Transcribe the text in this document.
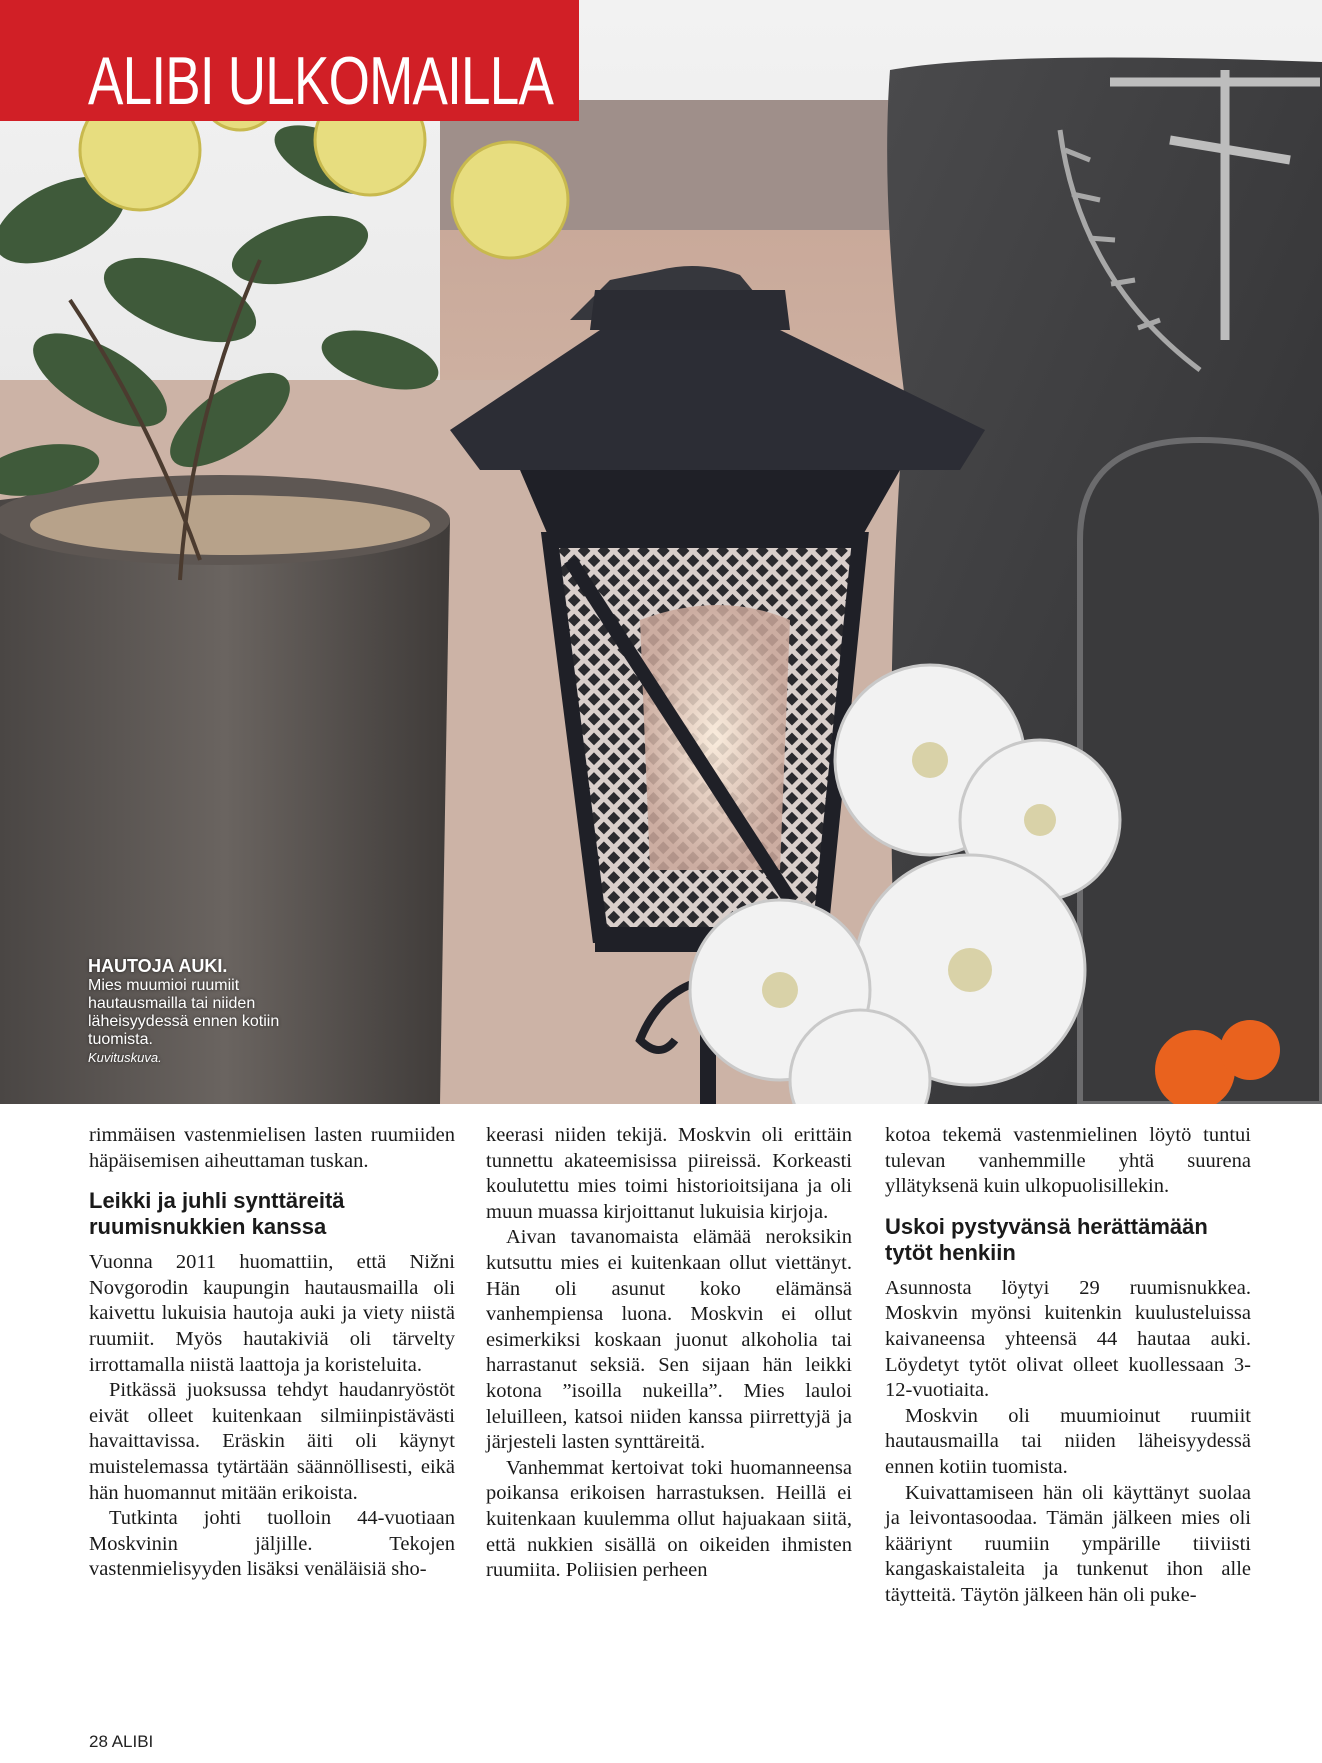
ALIBI ULKOMAILLA
HAUTOJA AUKI.
Mies muumioi ruumiit hautausmailla tai niiden läheisyydessä ennen kotiin tuomista.
Kuvituskuva.

rimmäisen vastenmielisen lasten ruumiiden häpäisemisen aiheuttaman tuskan.

Leikki ja juhli synttäreitä ruumisnukkien kanssa

Vuonna 2011 huomattiin, että Nižni Novgorodin kaupungin hautausmailla oli kaivettu lukuisia hautoja auki ja viety niistä ruumiit. Myös hautakiviä oli tärvelty irrottamalla niistä laattoja ja koristeluita.

Pitkässä juoksussa tehdyt haudanryöstöt eivät olleet kuitenkaan silmiinpistävästi havaittavissa. Eräskin äiti oli käynyt muistelemassa tytärtään säännöllisesti, eikä hän huomannut mitään erikoista.

Tutkinta johti tuolloin 44-vuotiaan Moskvinin jäljille. Tekojen vastenmielisyyden lisäksi venäläisiä sho-

keerasi niiden tekijä. Moskvin oli erittäin tunnettu akateemisissa piireissä. Korkeasti koulutettu mies toimi historioitsijana ja oli muun muassa kirjoittanut lukuisia kirjoja.

Aivan tavanomaista elämää neroksikin kutsuttu mies ei kuitenkaan ollut viettänyt. Hän oli asunut koko elämänsä vanhempiensa luona. Moskvin ei ollut esimerkiksi koskaan juonut alkoholia tai harrastanut seksiä. Sen sijaan hän leikki kotona ”isoilla nukeilla”. Mies lauloi leluilleen, katsoi niiden kanssa piirrettyjä ja järjesteli lasten synttäreitä.

Vanhemmat kertoivat toki huomanneensa poikansa erikoisen harrastuksen. Heillä ei kuitenkaan kuulemma ollut hajuakaan siitä, että nukkien sisällä on oikeiden ihmisten ruumiita. Poliisien perheen

kotoa tekemä vastenmielinen löytö tuntui tulevan vanhemmille yhtä suurena yllätyksenä kuin ulkopuolisillekin.

Uskoi pystyvänsä herättämään tytöt henkiin

Asunnosta löytyi 29 ruumisnukkea. Moskvin myönsi kuitenkin kuulusteluissa kaivaneensa yhteensä 44 hautaa auki. Löydetyt tytöt olivat olleet kuollessaan 3-12-vuotiaita.

Moskvin oli muumioinut ruumiit hautausmailla tai niiden läheisyydessä ennen kotiin tuomista.

Kuivattamiseen hän oli käyttänyt suolaa ja leivontasoodaa. Tämän jälkeen mies oli kääriynt ruumiin ympärille tiiviisti kangaskaistaleita ja tunkenut ihon alle täytteitä. Täytön jälkeen hän oli puke-

28 ALIBI
